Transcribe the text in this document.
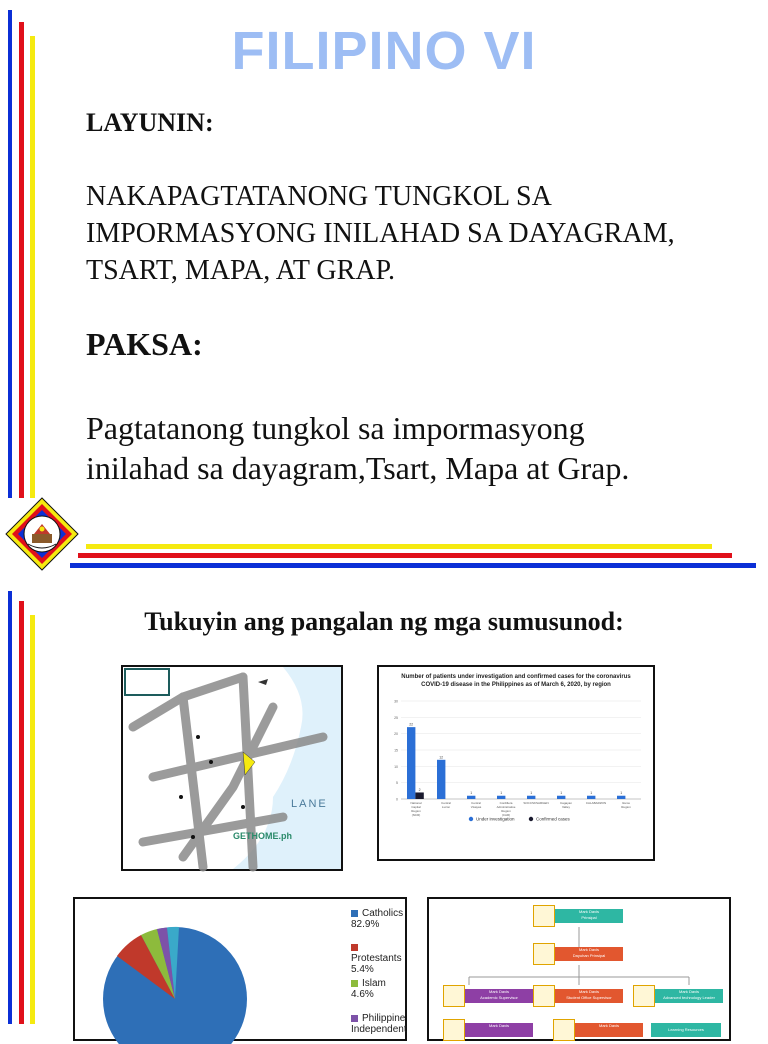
FILIPINO VI
LAYUNIN:
NAKAPAGTATANONG TUNGKOL SA
IMPORMASYONG INILAHAD SA DAYAGRAM,
TSART, MAPA, AT GRAP.
PAKSA:
Pagtatanong tungkol sa impormasyong
inilahad sa dayagram,Tsart, Mapa at Grap.
Tukuyin ang pangalan ng mga sumusunod:
LANE
GETHOME.ph
Number of patients under investigation and confirmed cases for the coronavirus
COVID-19 disease in the Philippines as of March 6, 2020, by region
0
5
10
15
20
25
30
22
2
National
Capital
Region
(NCR)
12
Central
Luzon
1
Central
Visayas
1
Cordillera
Administrative
Region
(CAR)
1
SOCCSKSARGEN
1
Cagayan
Valley
1
CALABARZON
1
Ilocos
Region
Under investigation	Confirmed cases
Catholics 82.9%
Protestants 5.4%
Islam 4.6%
Philippine Independent
Mark Davis
Prinsipal
Mark Davis
Dayuhan Prinsipal
Mark Davis
Academic Supervisor
Mark Davis
Student Office Supervisor
Mark Davis
Advanced technology Leader
Mark Davis	Mark Davis
Learning Resources
